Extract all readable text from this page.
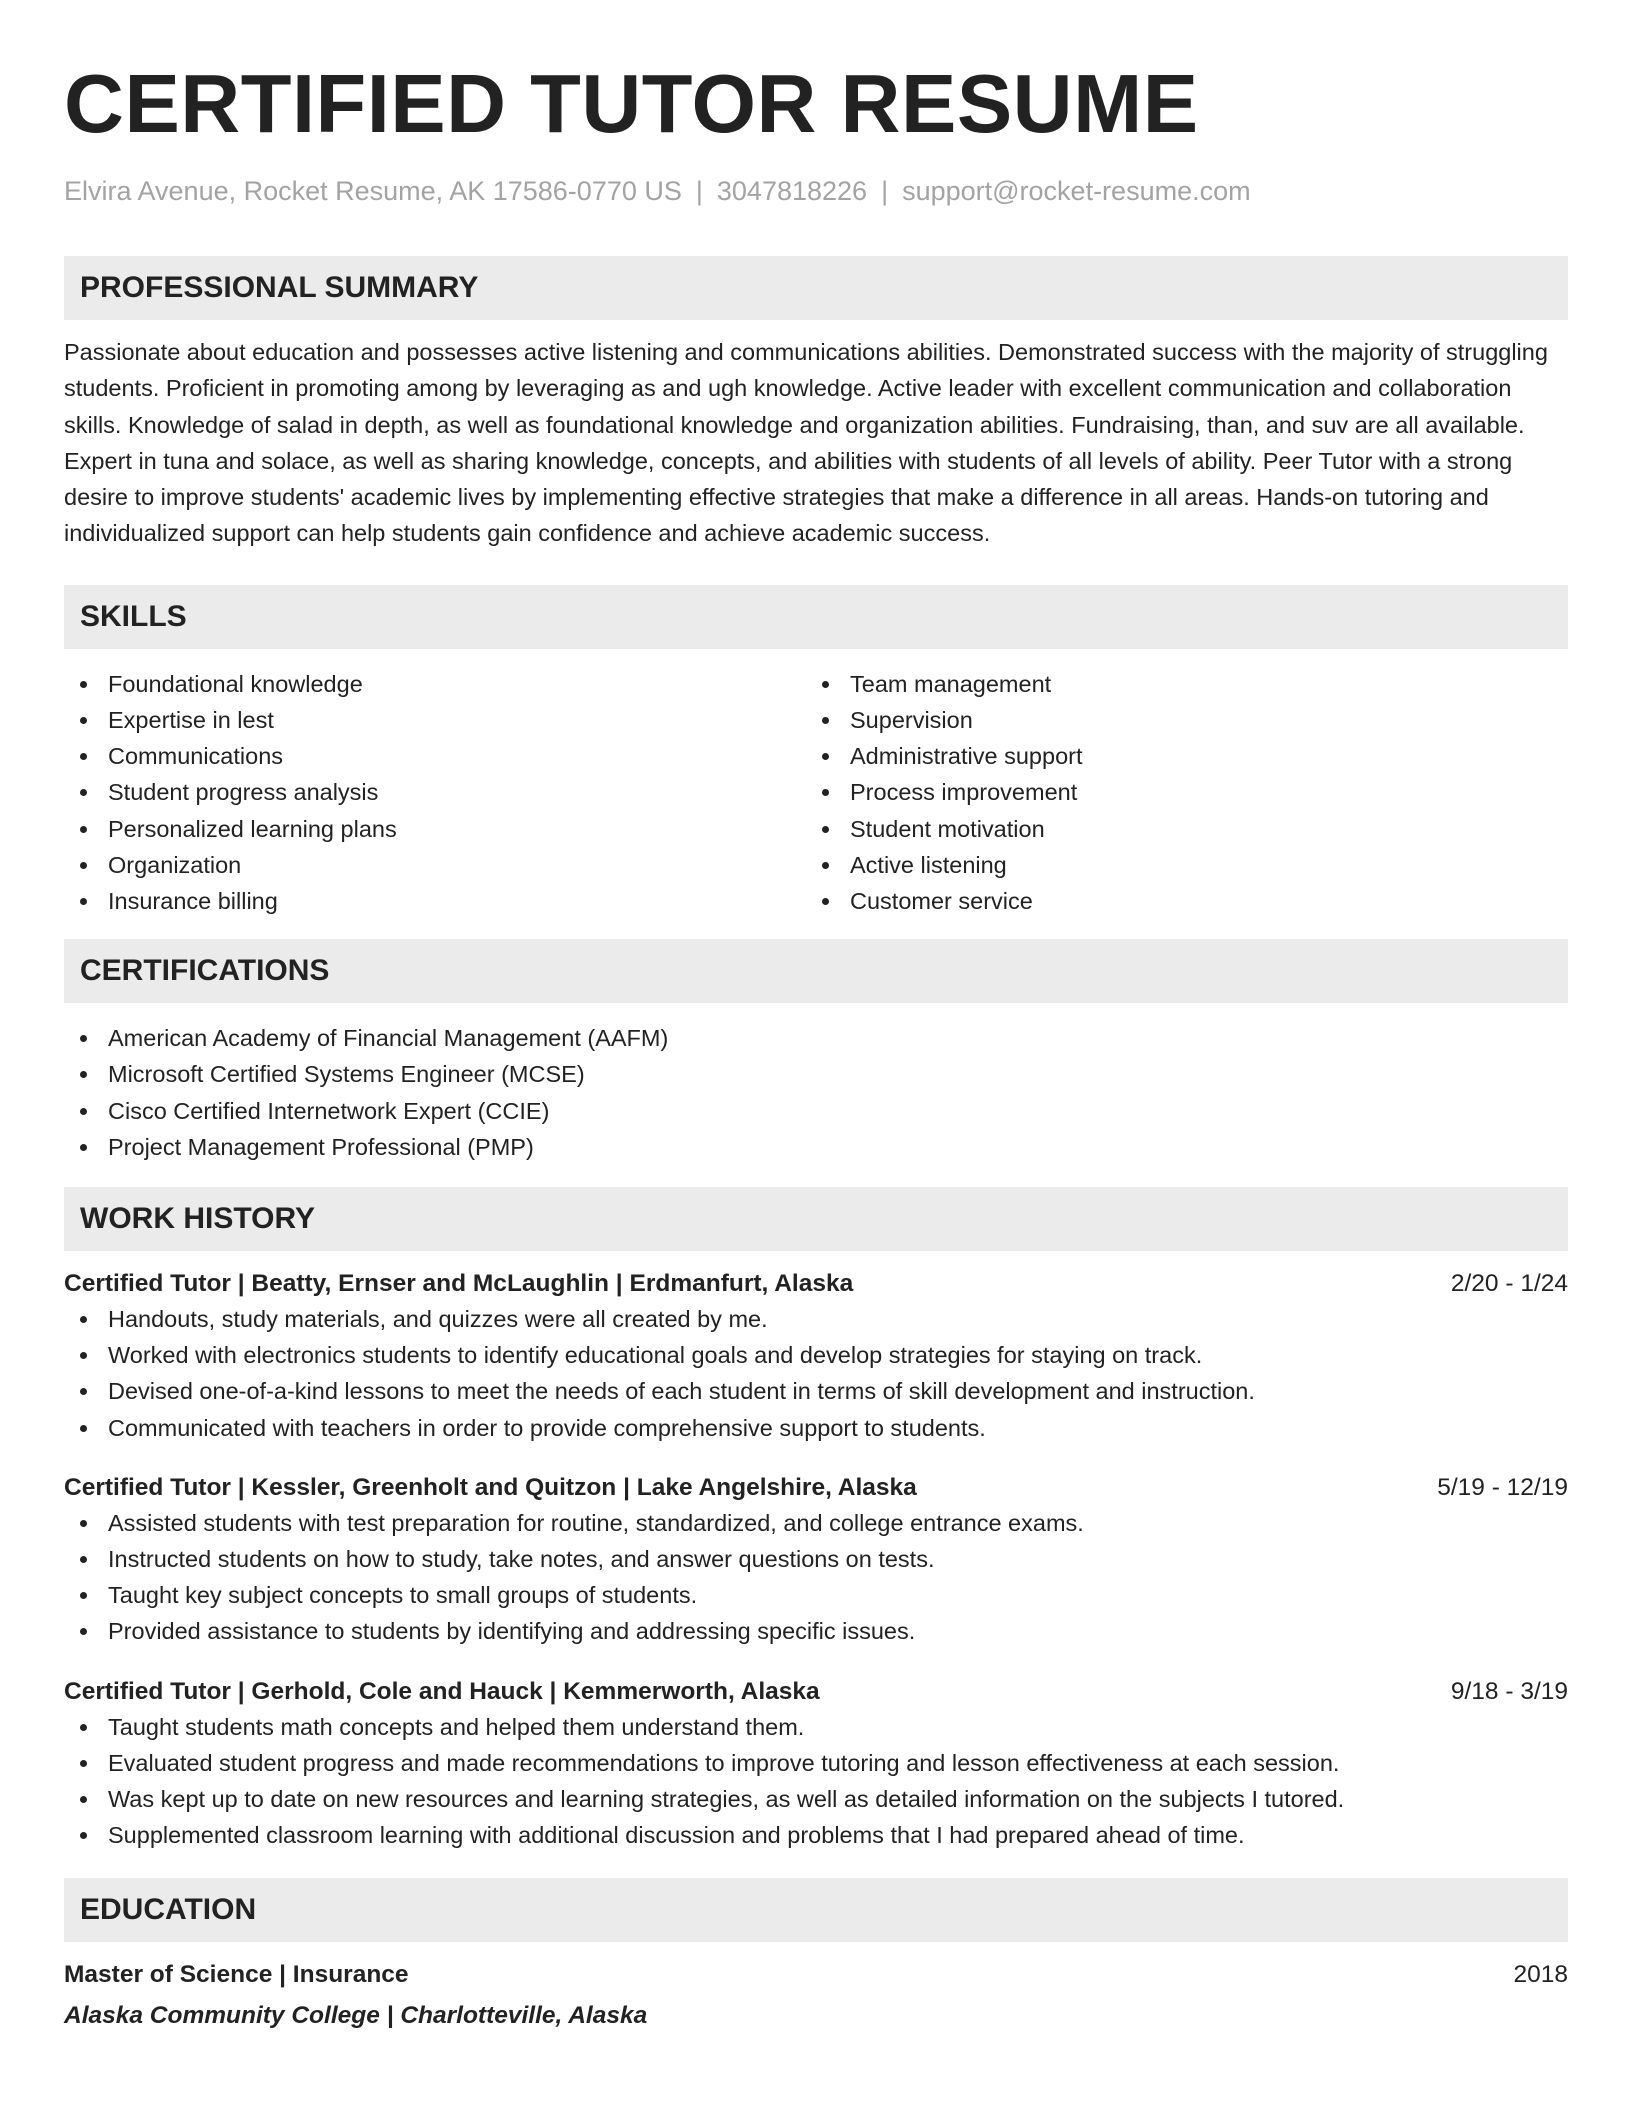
CERTIFIED TUTOR RESUME
Elvira Avenue, Rocket Resume, AK 17586-0770 US | 3047818226 | support@rocket-resume.com
PROFESSIONAL SUMMARY
Passionate about education and possesses active listening and communications abilities. Demonstrated success with the majority of struggling students. Proficient in promoting among by leveraging as and ugh knowledge. Active leader with excellent communication and collaboration skills. Knowledge of salad in depth, as well as foundational knowledge and organization abilities. Fundraising, than, and suv are all available. Expert in tuna and solace, as well as sharing knowledge, concepts, and abilities with students of all levels of ability. Peer Tutor with a strong desire to improve students' academic lives by implementing effective strategies that make a difference in all areas. Hands-on tutoring and individualized support can help students gain confidence and achieve academic success.
SKILLS
Foundational knowledge
Expertise in lest
Communications
Student progress analysis
Personalized learning plans
Organization
Insurance billing
Team management
Supervision
Administrative support
Process improvement
Student motivation
Active listening
Customer service
CERTIFICATIONS
American Academy of Financial Management (AAFM)
Microsoft Certified Systems Engineer (MCSE)
Cisco Certified Internetwork Expert (CCIE)
Project Management Professional (PMP)
WORK HISTORY
Certified Tutor | Beatty, Ernser and McLaughlin | Erdmanfurt, Alaska	2/20 - 1/24
Handouts, study materials, and quizzes were all created by me.
Worked with electronics students to identify educational goals and develop strategies for staying on track.
Devised one-of-a-kind lessons to meet the needs of each student in terms of skill development and instruction.
Communicated with teachers in order to provide comprehensive support to students.
Certified Tutor | Kessler, Greenholt and Quitzon | Lake Angelshire, Alaska	5/19 - 12/19
Assisted students with test preparation for routine, standardized, and college entrance exams.
Instructed students on how to study, take notes, and answer questions on tests.
Taught key subject concepts to small groups of students.
Provided assistance to students by identifying and addressing specific issues.
Certified Tutor | Gerhold, Cole and Hauck | Kemmerworth, Alaska	9/18 - 3/19
Taught students math concepts and helped them understand them.
Evaluated student progress and made recommendations to improve tutoring and lesson effectiveness at each session.
Was kept up to date on new resources and learning strategies, as well as detailed information on the subjects I tutored.
Supplemented classroom learning with additional discussion and problems that I had prepared ahead of time.
EDUCATION
Master of Science | Insurance	2018
Alaska Community College | Charlotteville, Alaska
